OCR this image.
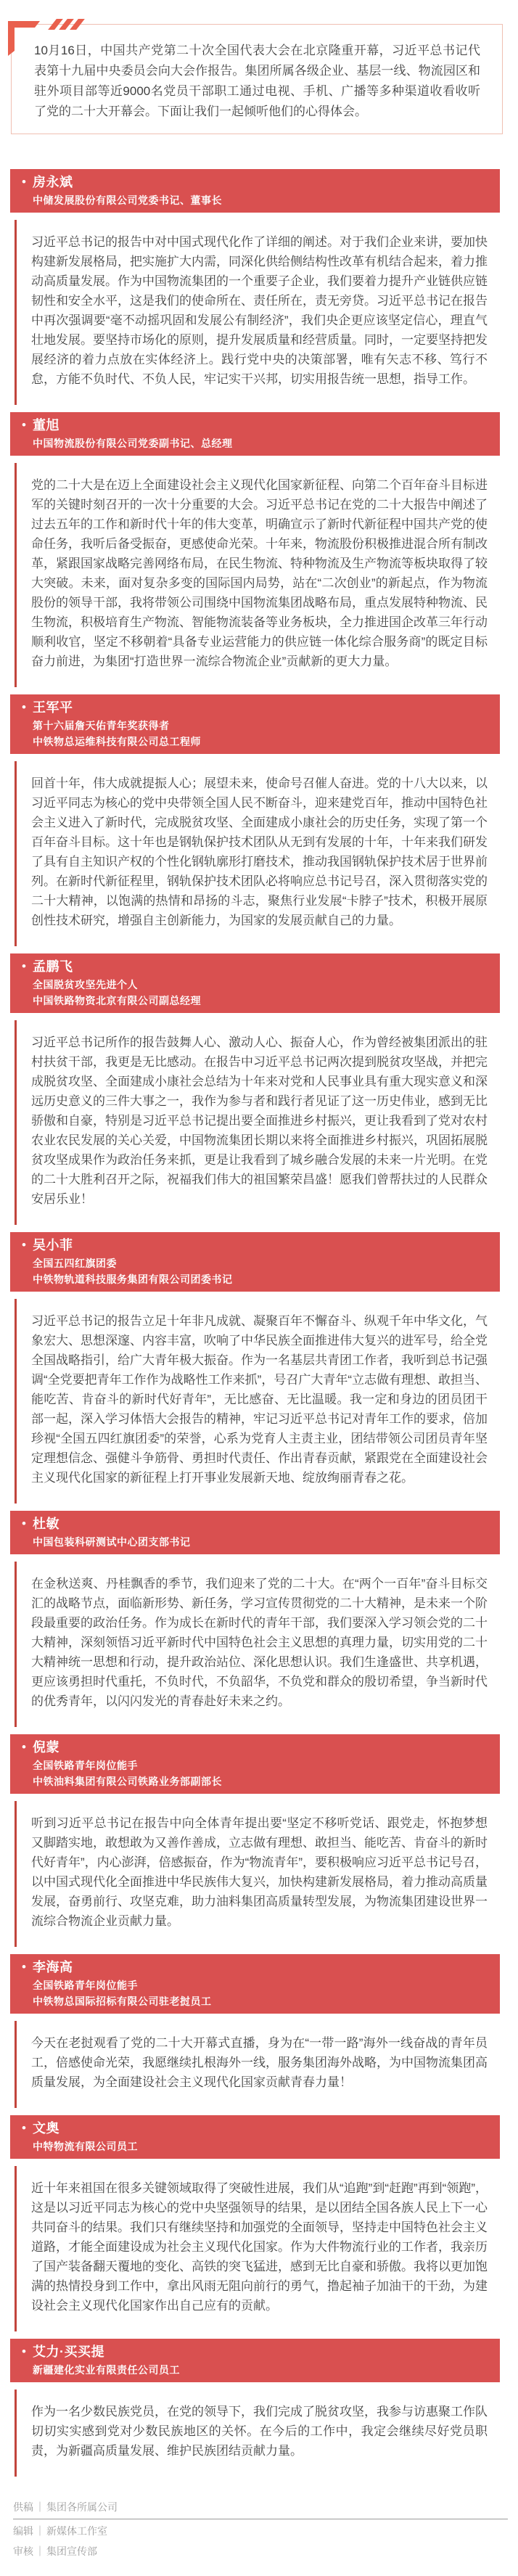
10月16日，中国共产党第二十次全国代表大会在北京隆重开幕，习近平总书记代表第十九届中央委员会向大会作报告。集团所属各级企业、基层一线、物流园区和驻外项目部等近9000名党员干部职工通过电视、手机、广播等多种渠道收看收听了党的二十大开幕会。下面让我们一起倾听他们的心得体会。

• 房永斌
中储发展股份有限公司党委书记、董事长

习近平总书记的报告中对中国式现代化作了详细的阐述。对于我们企业来讲，要加快构建新发展格局，把实施扩大内需，同深化供给侧结构性改革有机结合起来，着力推动高质量发展。作为中国物流集团的一个重要子企业，我们要着力提升产业链供应链韧性和安全水平，这是我们的使命所在、责任所在，责无旁贷。习近平总书记在报告中再次强调要“毫不动摇巩固和发展公有制经济”，我们央企更应该坚定信心，理直气壮地发展。要坚持市场化的原则，提升发展质量和经营质量。同时，一定要坚持把发展经济的着力点放在实体经济上。践行党中央的决策部署，唯有矢志不移、笃行不怠，方能不负时代、不负人民，牢记实干兴邦，切实用报告统一思想，指导工作。

• 董旭
中国物流股份有限公司党委副书记、总经理

党的二十大是在迈上全面建设社会主义现代化国家新征程、向第二个百年奋斗目标进军的关键时刻召开的一次十分重要的大会。习近平总书记在党的二十大报告中阐述了过去五年的工作和新时代十年的伟大变革，明确宣示了新时代新征程中国共产党的使命任务，我听后备受振奋，更感使命光荣。十年来，物流股份积极推进混合所有制改革，紧跟国家战略完善网络布局，在民生物流、特种物流及生产物流等板块取得了较大突破。未来，面对复杂多变的国际国内局势，站在“二次创业”的新起点，作为物流股份的领导干部，我将带领公司围绕中国物流集团战略布局，重点发展特种物流、民生物流，积极培育生产物流、智能物流装备等业务板块，全力推进国企改革三年行动顺利收官，坚定不移朝着“具备专业运营能力的供应链一体化综合服务商”的既定目标奋力前进，为集团“打造世界一流综合物流企业”贡献新的更大力量。

• 王军平
第十六届詹天佑青年奖获得者
中铁物总运维科技有限公司总工程师

回首十年，伟大成就提振人心；展望未来，使命号召催人奋进。党的十八大以来，以习近平同志为核心的党中央带领全国人民不断奋斗，迎来建党百年，推动中国特色社会主义进入了新时代，完成脱贫攻坚、全面建成小康社会的历史任务，实现了第一个百年奋斗目标。这十年也是钢轨保护技术团队从无到有发展的十年，十年来我们研发了具有自主知识产权的个性化钢轨廓形打磨技术，推动我国钢轨保护技术居于世界前列。在新时代新征程里，钢轨保护技术团队必将响应总书记号召，深入贯彻落实党的二十大精神，以饱满的热情和昂扬的斗志，聚焦行业发展“卡脖子”技术，积极开展原创性技术研究，增强自主创新能力，为国家的发展贡献自己的力量。

• 孟鹏飞
全国脱贫攻坚先进个人
中国铁路物资北京有限公司副总经理

习近平总书记所作的报告鼓舞人心、激动人心、振奋人心，作为曾经被集团派出的驻村扶贫干部，我更是无比感动。在报告中习近平总书记两次提到脱贫攻坚战，并把完成脱贫攻坚、全面建成小康社会总结为十年来对党和人民事业具有重大现实意义和深远历史意义的三件大事之一，我作为参与者和践行者见证了这一历史伟业，感到无比骄傲和自豪，特别是习近平总书记提出要全面推进乡村振兴，更让我看到了党对农村农业农民发展的关心关爱，中国物流集团长期以来将全面推进乡村振兴，巩固拓展脱贫攻坚成果作为政治任务来抓，更是让我看到了城乡融合发展的未来一片光明。在党的二十大胜利召开之际，祝福我们伟大的祖国繁荣昌盛！愿我们曾帮扶过的人民群众安居乐业！

• 吴小菲
全国五四红旗团委
中铁物轨道科技服务集团有限公司团委书记

习近平总书记的报告立足十年非凡成就、凝聚百年不懈奋斗、纵观千年中华文化，气象宏大、思想深邃、内容丰富，吹响了中华民族全面推进伟大复兴的进军号，给全党全国战略指引，给广大青年极大振奋。作为一名基层共青团工作者，我听到总书记强调“全党要把青年工作作为战略性工作来抓”，号召广大青年“立志做有理想、敢担当、能吃苦、肯奋斗的新时代好青年”，无比感奋、无比温暖。我一定和身边的团员团干部一起，深入学习体悟大会报告的精神，牢记习近平总书记对青年工作的要求，倍加珍视“全国五四红旗团委”的荣誉，心系为党育人主责主业，团结带领公司团员青年坚定理想信念、强健斗争筋骨、勇担时代责任、作出青春贡献，紧跟党在全面建设社会主义现代化国家的新征程上打开事业发展新天地、绽放绚丽青春之花。

• 杜敏
中国包装科研测试中心团支部书记

在金秋送爽、丹桂飘香的季节，我们迎来了党的二十大。在“两个一百年”奋斗目标交汇的战略节点，面临新形势、新任务，学习宣传贯彻党的二十大精神，是未来一个阶段最重要的政治任务。作为成长在新时代的青年干部，我们要深入学习领会党的二十大精神，深刻领悟习近平新时代中国特色社会主义思想的真理力量，切实用党的二十大精神统一思想和行动，提升政治站位、深化思想认识。我们生逢盛世、共享机遇，更应该勇担时代重托，不负时代，不负韶华，不负党和群众的殷切希望，争当新时代的优秀青年，以闪闪发光的青春赴好未来之约。

• 倪蒙
全国铁路青年岗位能手
中铁油料集团有限公司铁路业务部副部长

听到习近平总书记在报告中向全体青年提出要“坚定不移听党话、跟党走，怀抱梦想又脚踏实地，敢想敢为又善作善成，立志做有理想、敢担当、能吃苦、肯奋斗的新时代好青年”，内心澎湃，倍感振奋，作为“物流青年”，要积极响应习近平总书记号召，以中国式现代化全面推进中华民族伟大复兴，加快构建新发展格局，着力推动高质量发展，奋勇前行、攻坚克难，助力油料集团高质量转型发展，为物流集团建设世界一流综合物流企业贡献力量。

• 李海高
全国铁路青年岗位能手
中铁物总国际招标有限公司驻老挝员工

今天在老挝观看了党的二十大开幕式直播，身为在“一带一路”海外一线奋战的青年员工，倍感使命光荣，我愿继续扎根海外一线，服务集团海外战略，为中国物流集团高质量发展，为全面建设社会主义现代化国家贡献青春力量！

• 文奥
中特物流有限公司员工

近十年来祖国在很多关键领域取得了突破性进展，我们从“追跑”到“赶跑”再到“领跑”，这是以习近平同志为核心的党中央坚强领导的结果，是以团结全国各族人民上下一心共同奋斗的结果。我们只有继续坚持和加强党的全面领导，坚持走中国特色社会主义道路，才能全面建设成为社会主义现代化国家。作为大件物流行业的工作者，我亲历了国产装备翻天覆地的变化、高铁的突飞猛进，感到无比自豪和骄傲。我将以更加饱满的热情投身到工作中，拿出风雨无阻向前行的勇气，撸起袖子加油干的干劲，为建设社会主义现代化国家作出自己应有的贡献。

• 艾力·买买提
新疆建化实业有限责任公司员工

作为一名少数民族党员，在党的领导下，我们完成了脱贫攻坚，我参与访惠聚工作队切切实实感到党对少数民族地区的关怀。在今后的工作中，我定会继续尽好党员职责，为新疆高质量发展、维护民族团结贡献力量。

供稿 ｜ 集团各所属公司
编辑 ｜ 新媒体工作室
审核 ｜ 集团宣传部
